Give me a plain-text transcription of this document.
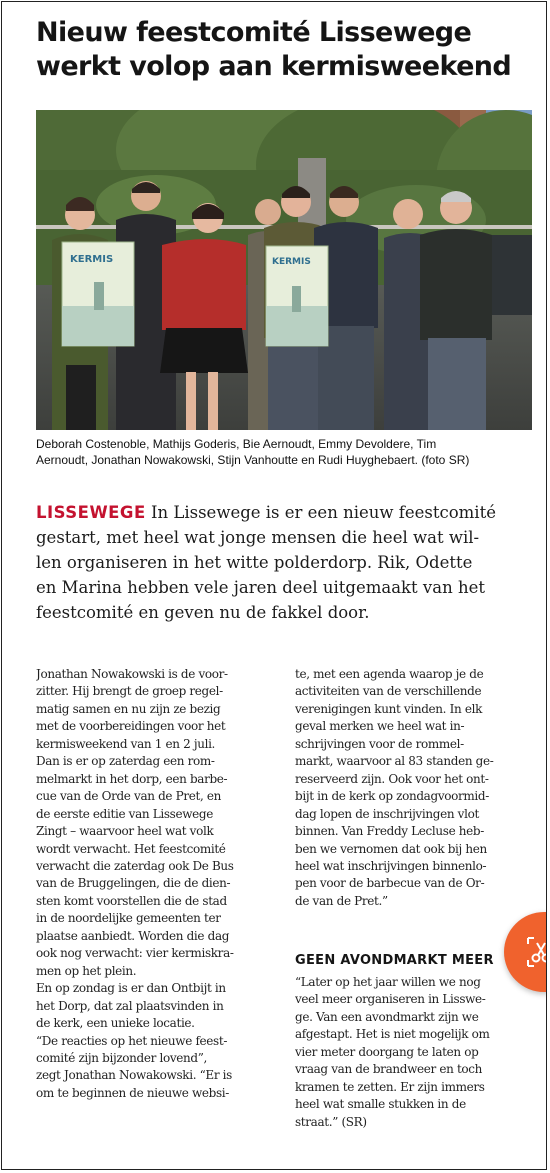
Nieuw feestcomité Lissewege
werkt volop aan kermisweekend
KERMIS	KERMIS
Deborah Costenoble, Mathijs Goderis, Bie Aernoudt, Emmy Devoldere, Tim
Aernoudt, Jonathan Nowakowski, Stijn Vanhoutte en Rudi Huyghebaert. (foto SR)
LISSEWEGE In Lissewege is er een nieuw feestcomité
gestart, met heel wat jonge mensen die heel wat wil-
len organiseren in het witte polderdorp. Rik, Odette
en Marina hebben vele jaren deel uitgemaakt van het
feestcomité en geven nu de fakkel door.
Jonathan Nowakowski is de voor-
zitter. Hij brengt de groep regel-
matig samen en nu zijn ze bezig
met de voorbereidingen voor het
kermisweekend van 1 en 2 juli.
Dan is er op zaterdag een rom-
melmarkt in het dorp, een barbe-
cue van de Orde van de Pret, en
de eerste editie van Lissewege
Zingt – waarvoor heel wat volk
wordt verwacht. Het feestcomité
verwacht die zaterdag ook De Bus
van de Bruggelingen, die de dien-
sten komt voorstellen die de stad
in de noordelijke gemeenten ter
plaatse aanbiedt. Worden die dag
ook nog verwacht: vier kermiskra-
men op het plein.
En op zondag is er dan Ontbijt in
het Dorp, dat zal plaatsvinden in
de kerk, een unieke locatie.
“De reacties op het nieuwe feest-
comité zijn bijzonder lovend”,
zegt Jonathan Nowakowski. “Er is
om te beginnen de nieuwe websi-
te, met een agenda waarop je de
activiteiten van de verschillende
verenigingen kunt vinden. In elk
geval merken we heel wat in-
schrijvingen voor de rommel-
markt, waarvoor al 83 standen ge-
reserveerd zijn. Ook voor het ont-
bijt in de kerk op zondagvoormid-
dag lopen de inschrijvingen vlot
binnen. Van Freddy Lecluse heb-
ben we vernomen dat ook bij hen
heel wat inschrijvingen binnenlo-
pen voor de barbecue van de Or-
de van de Pret.”
GEEN AVONDMARKT MEER
“Later op het jaar willen we nog
veel meer organiseren in Lisswe-
ge. Van een avondmarkt zijn we
afgestapt. Het is niet mogelijk om
vier meter doorgang te laten op
vraag van de brandweer en toch
kramen te zetten. Er zijn immers
heel wat smalle stukken in de
straat.” (SR)
